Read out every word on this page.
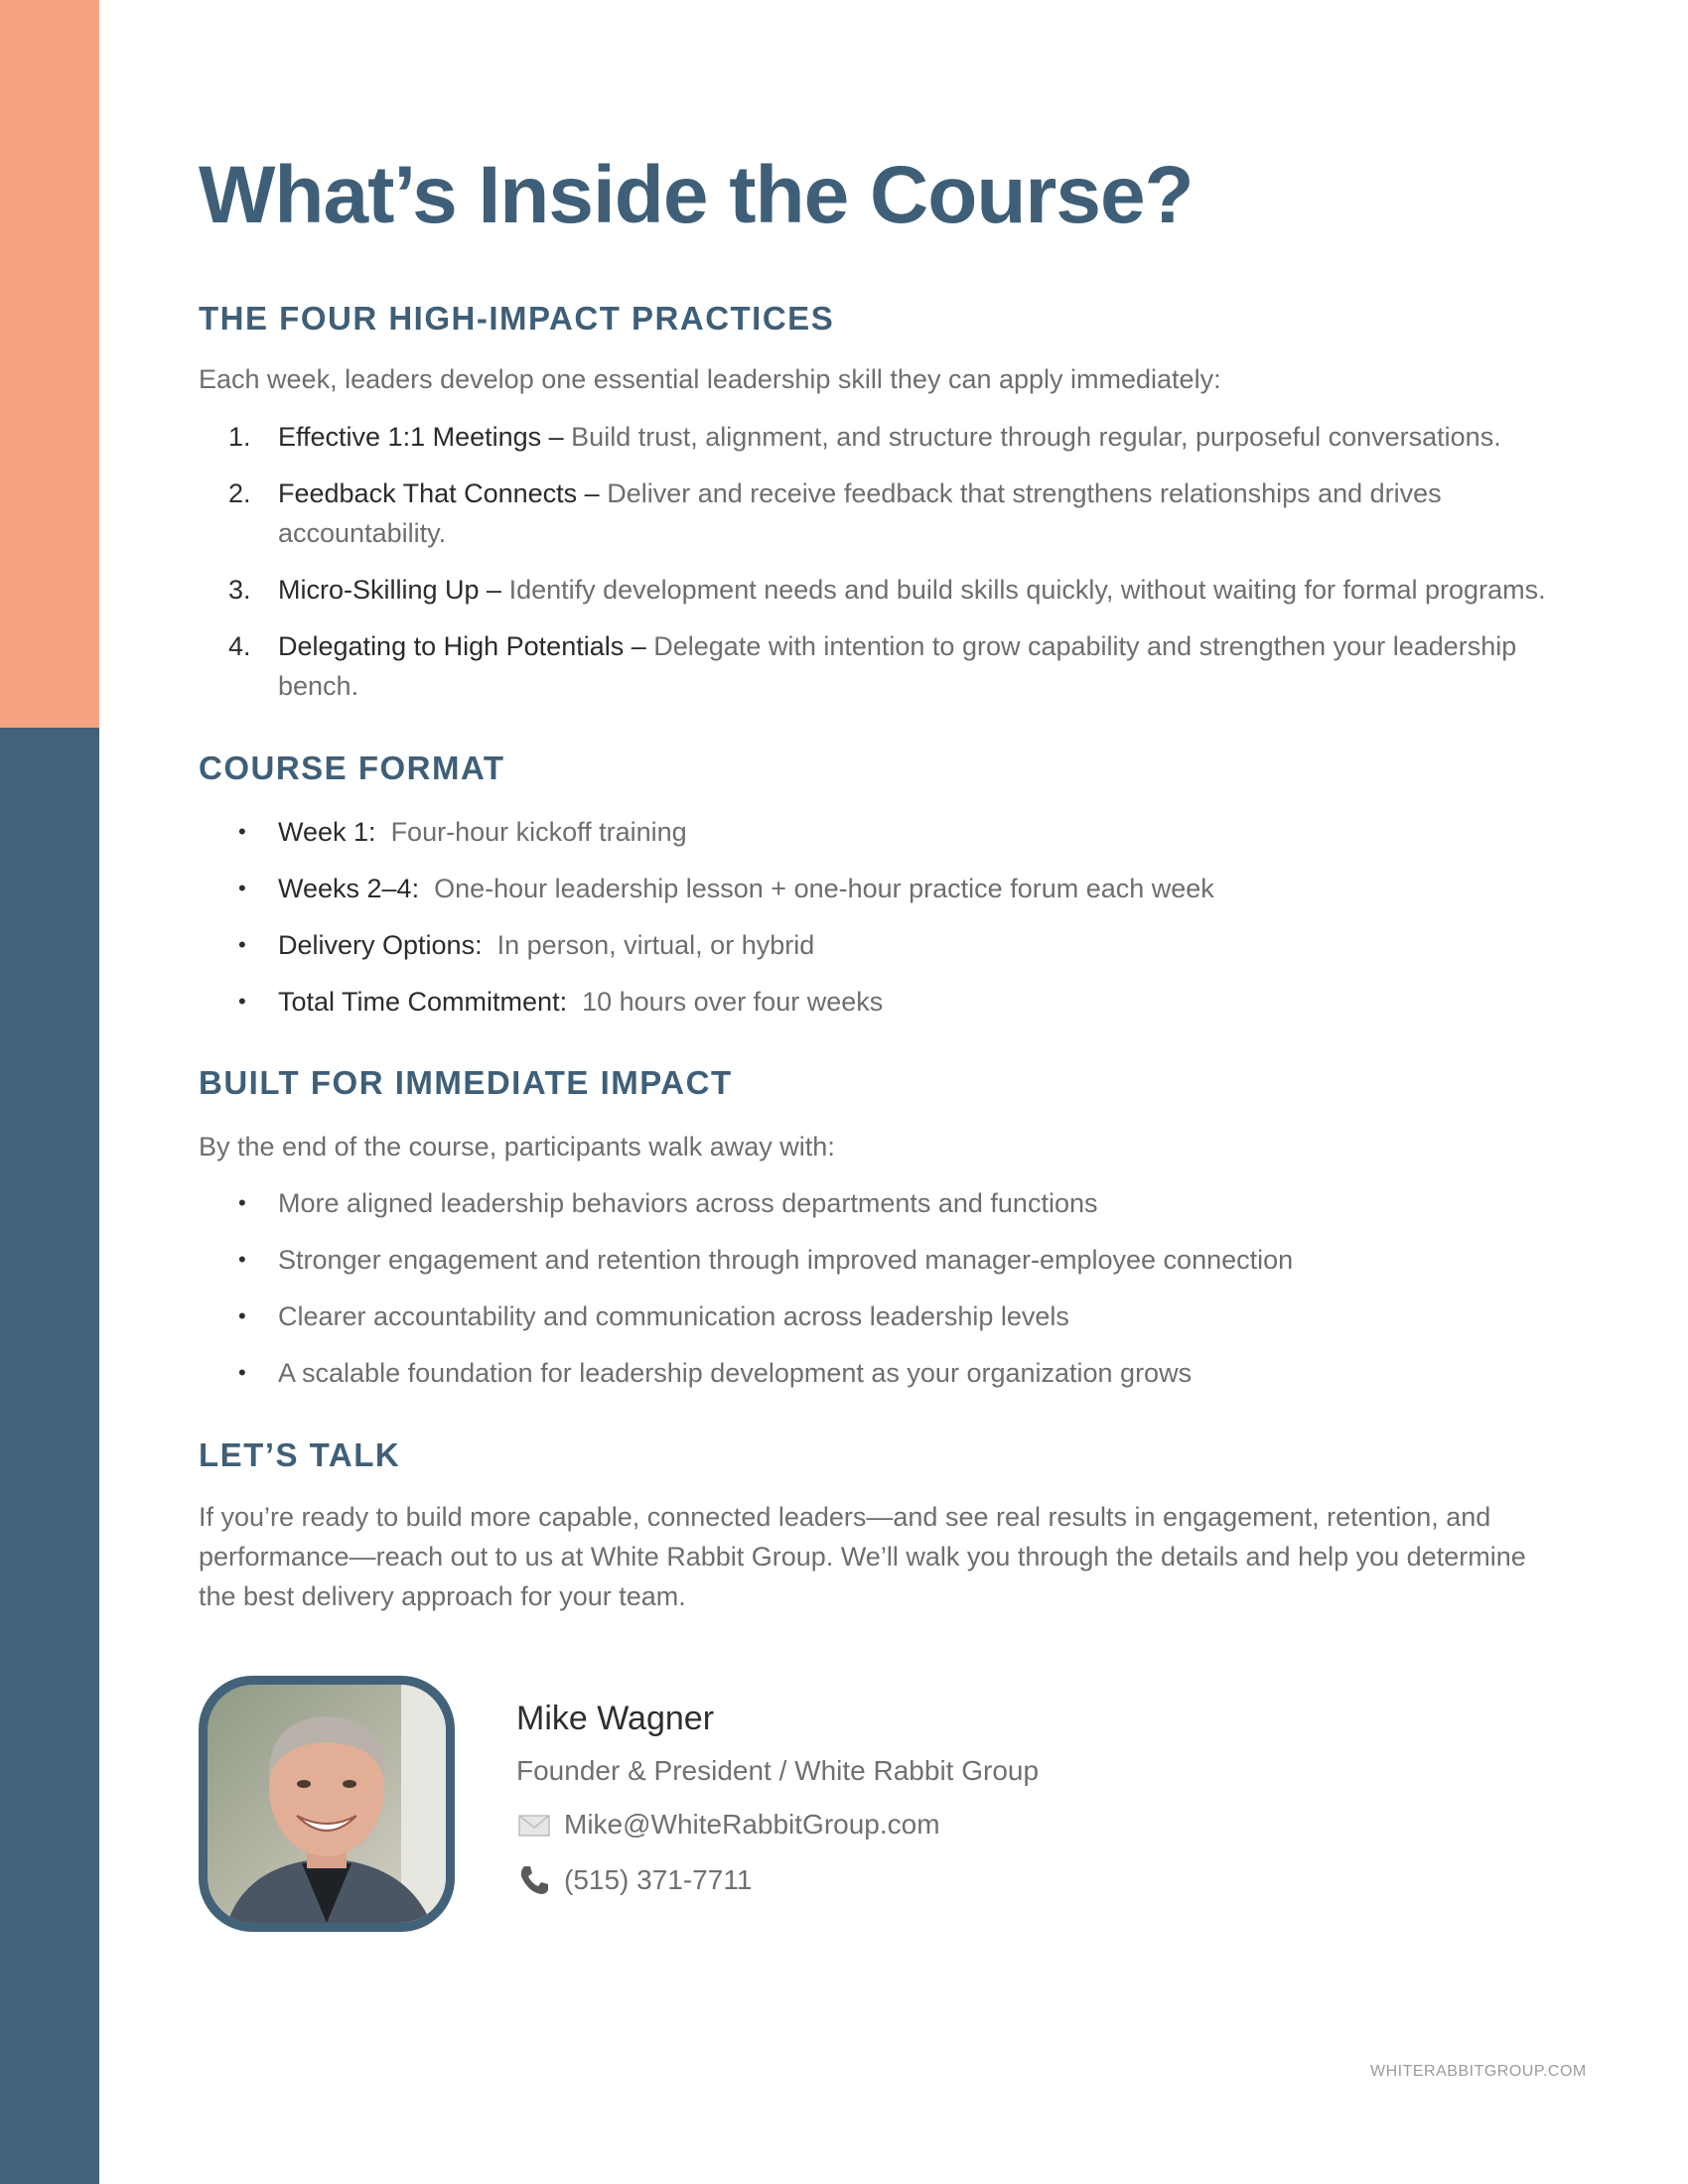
What’s Inside the Course?
THE FOUR HIGH-IMPACT PRACTICES

Each week, leaders develop one essential leadership skill they can apply immediately:

1. Effective 1:1 Meetings – Build trust, alignment, and structure through regular, purposeful conversations.
2. Feedback That Connects – Deliver and receive feedback that strengthens relationships and drives accountability.
3. Micro-Skilling Up – Identify development needs and build skills quickly, without waiting for formal programs.
4. Delegating to High Potentials – Delegate with intention to grow capability and strengthen your leadership bench.
COURSE FORMAT
• Week 1:  Four-hour kickoff training
• Weeks 2–4:  One-hour leadership lesson + one-hour practice forum each week
• Delivery Options:  In person, virtual, or hybrid
• Total Time Commitment:  10 hours over four weeks
BUILT FOR IMMEDIATE IMPACT

By the end of the course, participants walk away with:

• More aligned leadership behaviors across departments and functions
• Stronger engagement and retention through improved manager-employee connection
• Clearer accountability and communication across leadership levels
• A scalable foundation for leadership development as your organization grows
LET’S TALK

If you’re ready to build more capable, connected leaders—and see real results in engagement, retention, and performance—reach out to us at White Rabbit Group. We’ll walk you through the details and help you determine the best delivery approach for your team.

Mike Wagner

Founder & President / White Rabbit Group

Mike@WhiteRabbitGroup.com

(515) 371-7711

WHITERABBITGROUP.COM
